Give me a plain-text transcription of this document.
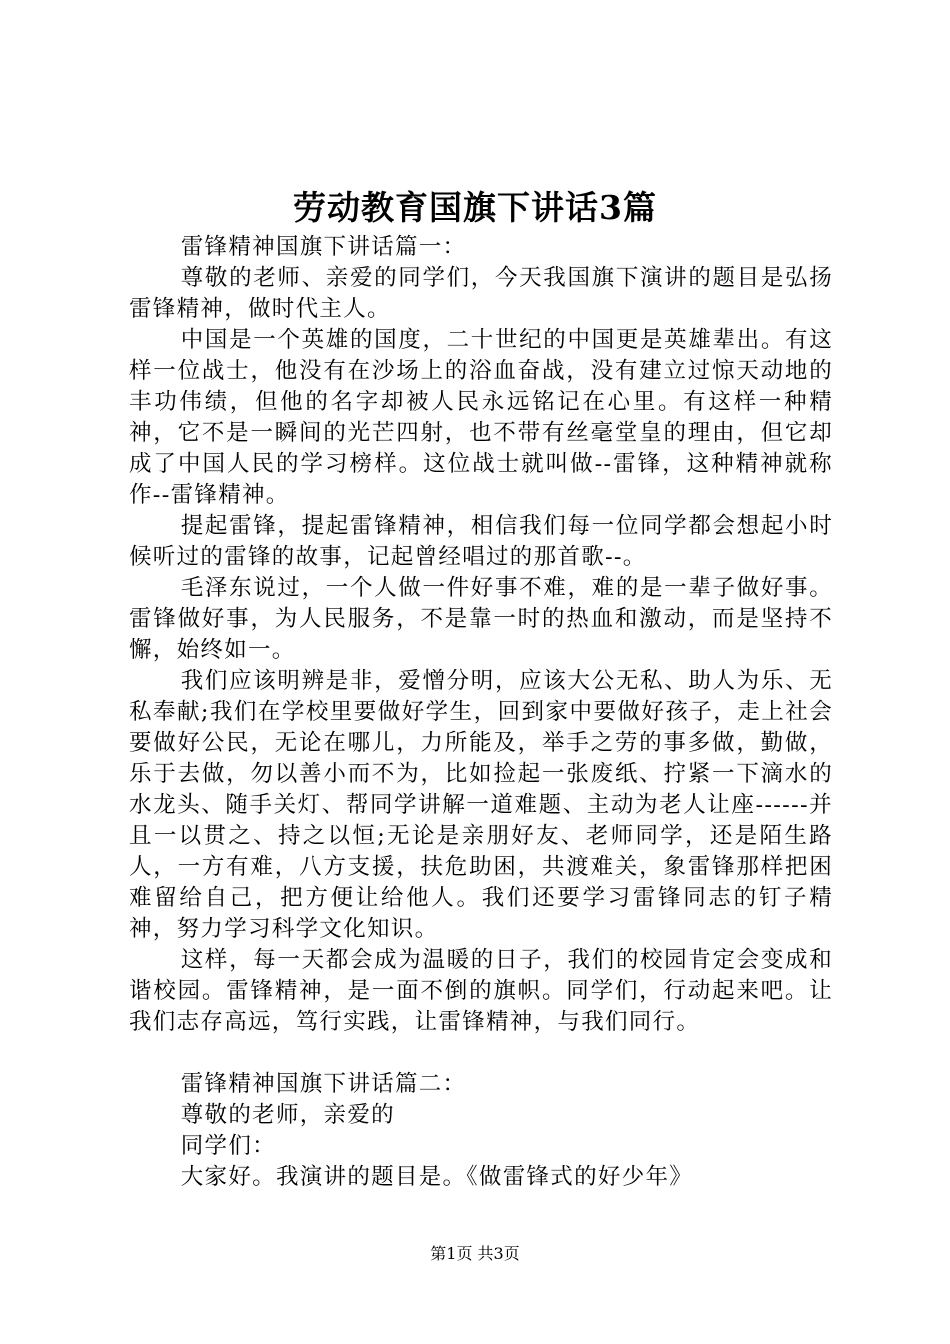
劳动教育国旗下讲话3篇

雷锋精神国旗下讲话篇一：

尊敬的老师、亲爱的同学们，今天我国旗下演讲的题目是弘扬雷锋精神，做时代主人。

中国是一个英雄的国度，二十世纪的中国更是英雄辈出。有这样一位战士，他没有在沙场上的浴血奋战，没有建立过惊天动地的丰功伟绩，但他的名字却被人民永远铭记在心里。有这样一种精神，它不是一瞬间的光芒四射，也不带有丝毫堂皇的理由，但它却成了中国人民的学习榜样。这位战士就叫做--雷锋，这种精神就称作--雷锋精神。

提起雷锋，提起雷锋精神，相信我们每一位同学都会想起小时候听过的雷锋的故事，记起曾经唱过的那首歌--。

毛泽东说过，一个人做一件好事不难，难的是一辈子做好事。雷锋做好事，为人民服务，不是靠一时的热血和激动，而是坚持不懈，始终如一。

我们应该明辨是非，爱憎分明，应该大公无私、助人为乐、无私奉献;我们在学校里要做好学生，回到家中要做好孩子，走上社会要做好公民，无论在哪儿，力所能及，举手之劳的事多做，勤做，乐于去做，勿以善小而不为，比如捡起一张废纸、拧紧一下滴水的水龙头、随手关灯、帮同学讲解一道难题、主动为老人让座------并且一以贯之、持之以恒;无论是亲朋好友、老师同学，还是陌生路人，一方有难，八方支援，扶危助困，共渡难关，象雷锋那样把困难留给自己，把方便让给他人。我们还要学习雷锋同志的钉子精神，努力学习科学文化知识。

这样，每一天都会成为温暖的日子，我们的校园肯定会变成和谐校园。雷锋精神，是一面不倒的旗帜。同学们，行动起来吧。让我们志存高远，笃行实践，让雷锋精神，与我们同行。

雷锋精神国旗下讲话篇二：

尊敬的老师，亲爱的

同学们：

大家好。我演讲的题目是。《做雷锋式的好少年》

第1页 共3页
